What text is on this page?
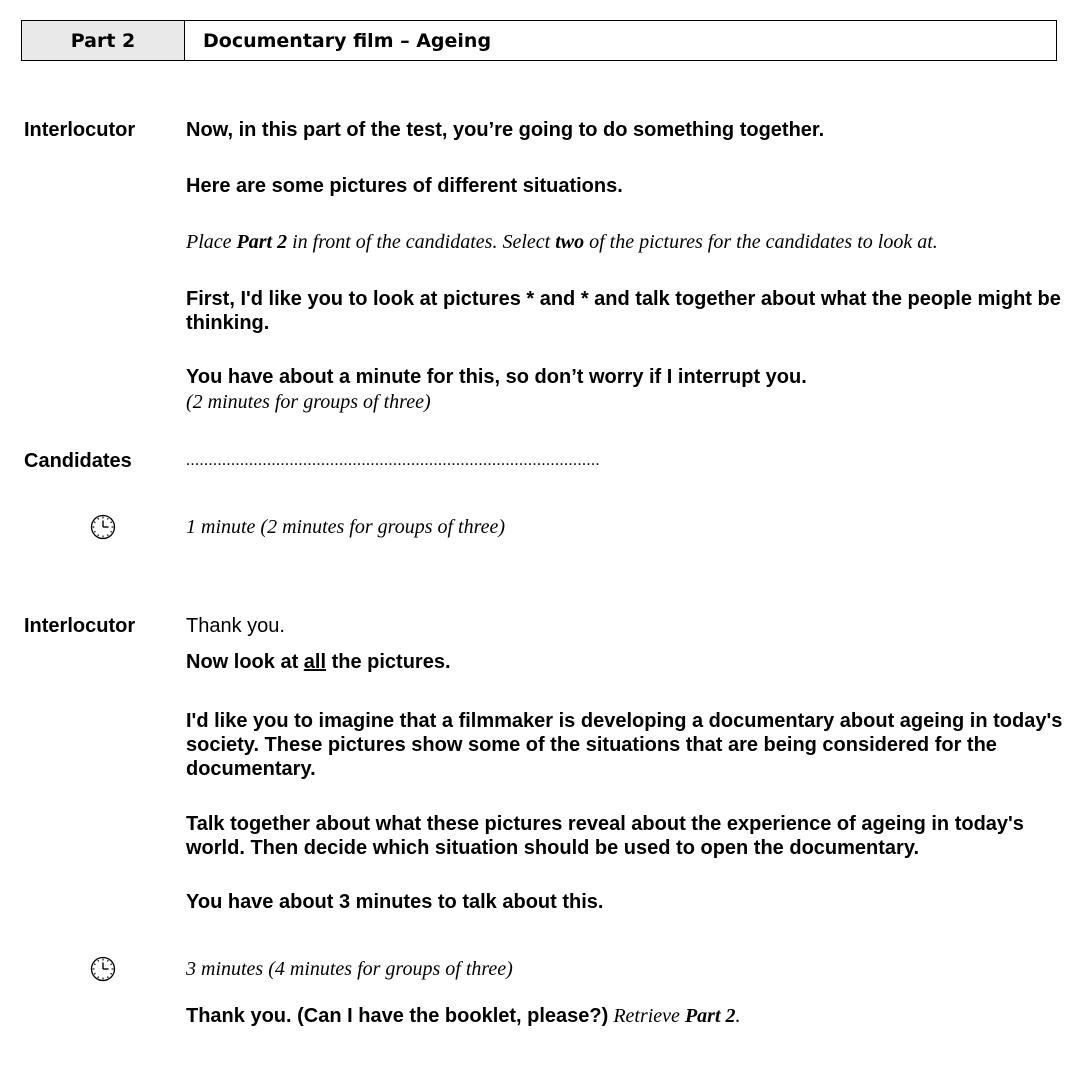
Part 2	Documentary film – Ageing
Interlocutor	Now, in this part of the test, you’re going to do something together.
Here are some pictures of different situations.
Place Part 2 in front of the candidates. Select two of the pictures for the candidates to look at.
First, I'd like you to look at pictures * and * and talk together about what the people might be thinking.
You have about a minute for this, so don’t worry if I interrupt you.
(2 minutes for groups of three)
Candidates	............................................................................................
1 minute (2 minutes for groups of three)
Interlocutor	Thank you.
Now look at all the pictures.
I'd like you to imagine that a filmmaker is developing a documentary about ageing in today's society. These pictures show some of the situations that are being considered for the documentary.
Talk together about what these pictures reveal about the experience of ageing in today's world. Then decide which situation should be used to open the documentary.
You have about 3 minutes to talk about this.
3 minutes (4 minutes for groups of three)
Thank you. (Can I have the booklet, please?) Retrieve Part 2.
